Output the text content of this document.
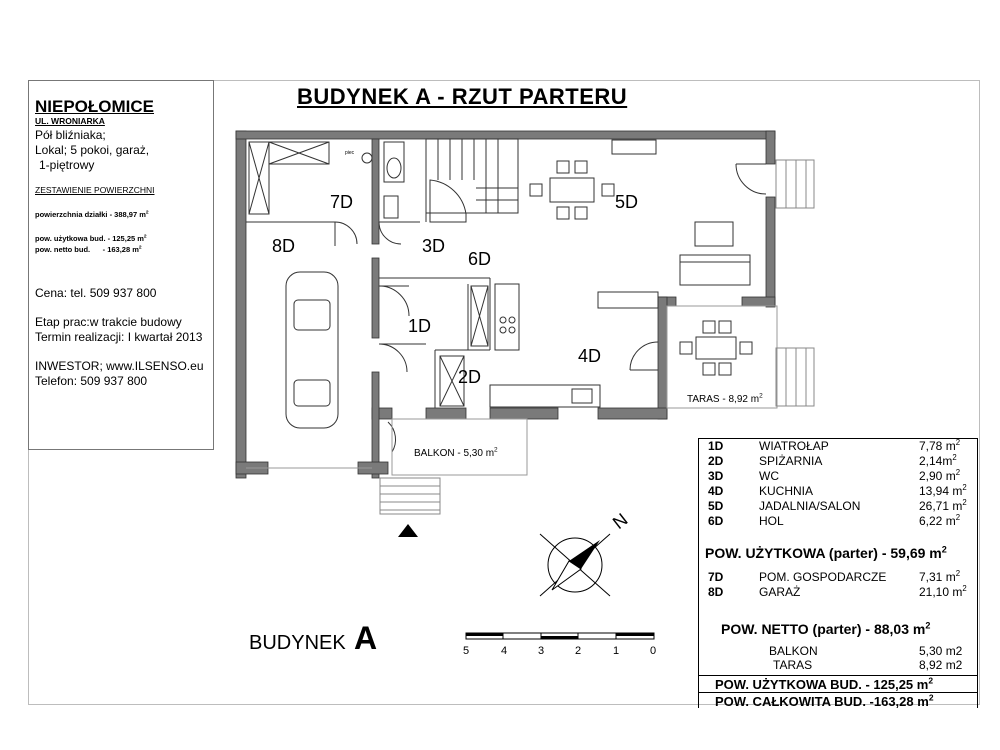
BUDYNEK A - RZUT PARTERU
NIEPOŁOMICE
UL. WRONIARKA
Pół bliźniaka;
Lokal; 5 pokoi, garaż,
1-piętrowy
ZESTAWIENIE POWIERZCHNI
powierzchnia działki - 388,97 $m^2$
pow. użytkowa bud. - 125,25 $m^2$
pow. netto bud.      - 163,28 $m^2$
Cena: tel. 509 937 800
Etap prac:w trakcie budowy
Termin realizacji: I kwartał 2013
INWESTOR; www.ILSENSO.eu
Telefon: 509 937 800
7D
8D	3D
6D
5D
1D
4D
2D
piec
BALKON - 5,30 $m^2$
TARAS - 8,92 $m^2$
N
BUDYNEK A	5	4	3	2	1	0
1D	WIATROŁAP	7,78 $m^2$
2D	SPIŻARNIA	$2,14m^2$
3D	WC	2,90 $m^2$
4D	KUCHNIA	13,94 $m^2$
5D	JADALNIA/SALON	26,71 $m^2$
6D	HOL	6,22 $m^2$
POW. UŻYTKOWA (parter) - 59,69 $m^2$
7D	POM. GOSPODARCZE	7,31 $m^2$
8D	GARAŻ	21,10 $m^2$
POW. NETTO (parter) - 88,03 $m^2$
BALKON	5,30 m2
TARAS	8,92 m2
POW. UŻYTKOWA BUD. - 125,25 $m^2$
POW. CAŁKOWITA BUD. -163,28 $m^2$
